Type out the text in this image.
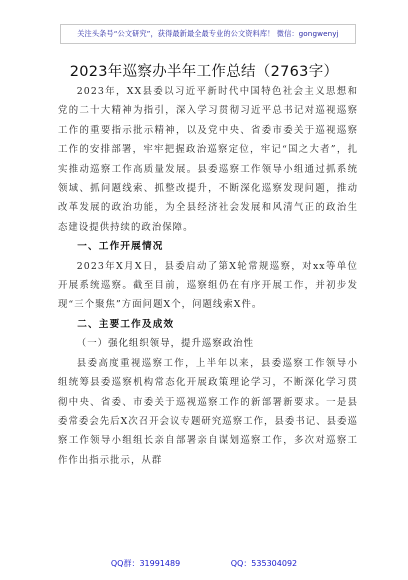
关注头条号“公文研究”，获得最新最全最专业的公文资料库！ 微信：gongwenyj
2023年巡察办半年工作总结（2763字）

2023年，XX县委以习近平新时代中国特色社会主义思想和党的二十大精神为指引，深入学习贯彻习近平总书记对巡视巡察工作的重要指示批示精神，以及党中央、省委市委关于巡视巡察工作的安排部署，牢牢把握政治巡察定位，牢记“国之大者”，扎实推动巡察工作高质量发展。县委巡察工作领导小组通过抓系统领域、抓问题线索、抓整改提升，不断深化巡察发现问题，推动改革发展的政治功能，为全县经济社会发展和风清气正的政治生态建设提供持续的政治保障。

一、工作开展情况

2023年X月X日，县委启动了第X轮常规巡察，对xx等单位开展系统巡察。截至目前，巡察组仍在有序开展工作，并初步发现“三个聚焦”方面问题X个，问题线索X件。

二、主要工作及成效

（一）强化组织领导，提升巡察政治性

县委高度重视巡察工作，上半年以来，县委巡察工作领导小组统筹县委巡察机构常态化开展政策理论学习，不断深化学习贯彻中央、省委、市委关于巡视巡察工作的新部署新要求。一是县委常委会先后X次召开会议专题研究巡察工作，县委书记、县委巡察工作领导小组组长亲自部署亲自谋划巡察工作，多次对巡察工作作出指示批示，从群

QQ群：31991489	QQ：535304092
